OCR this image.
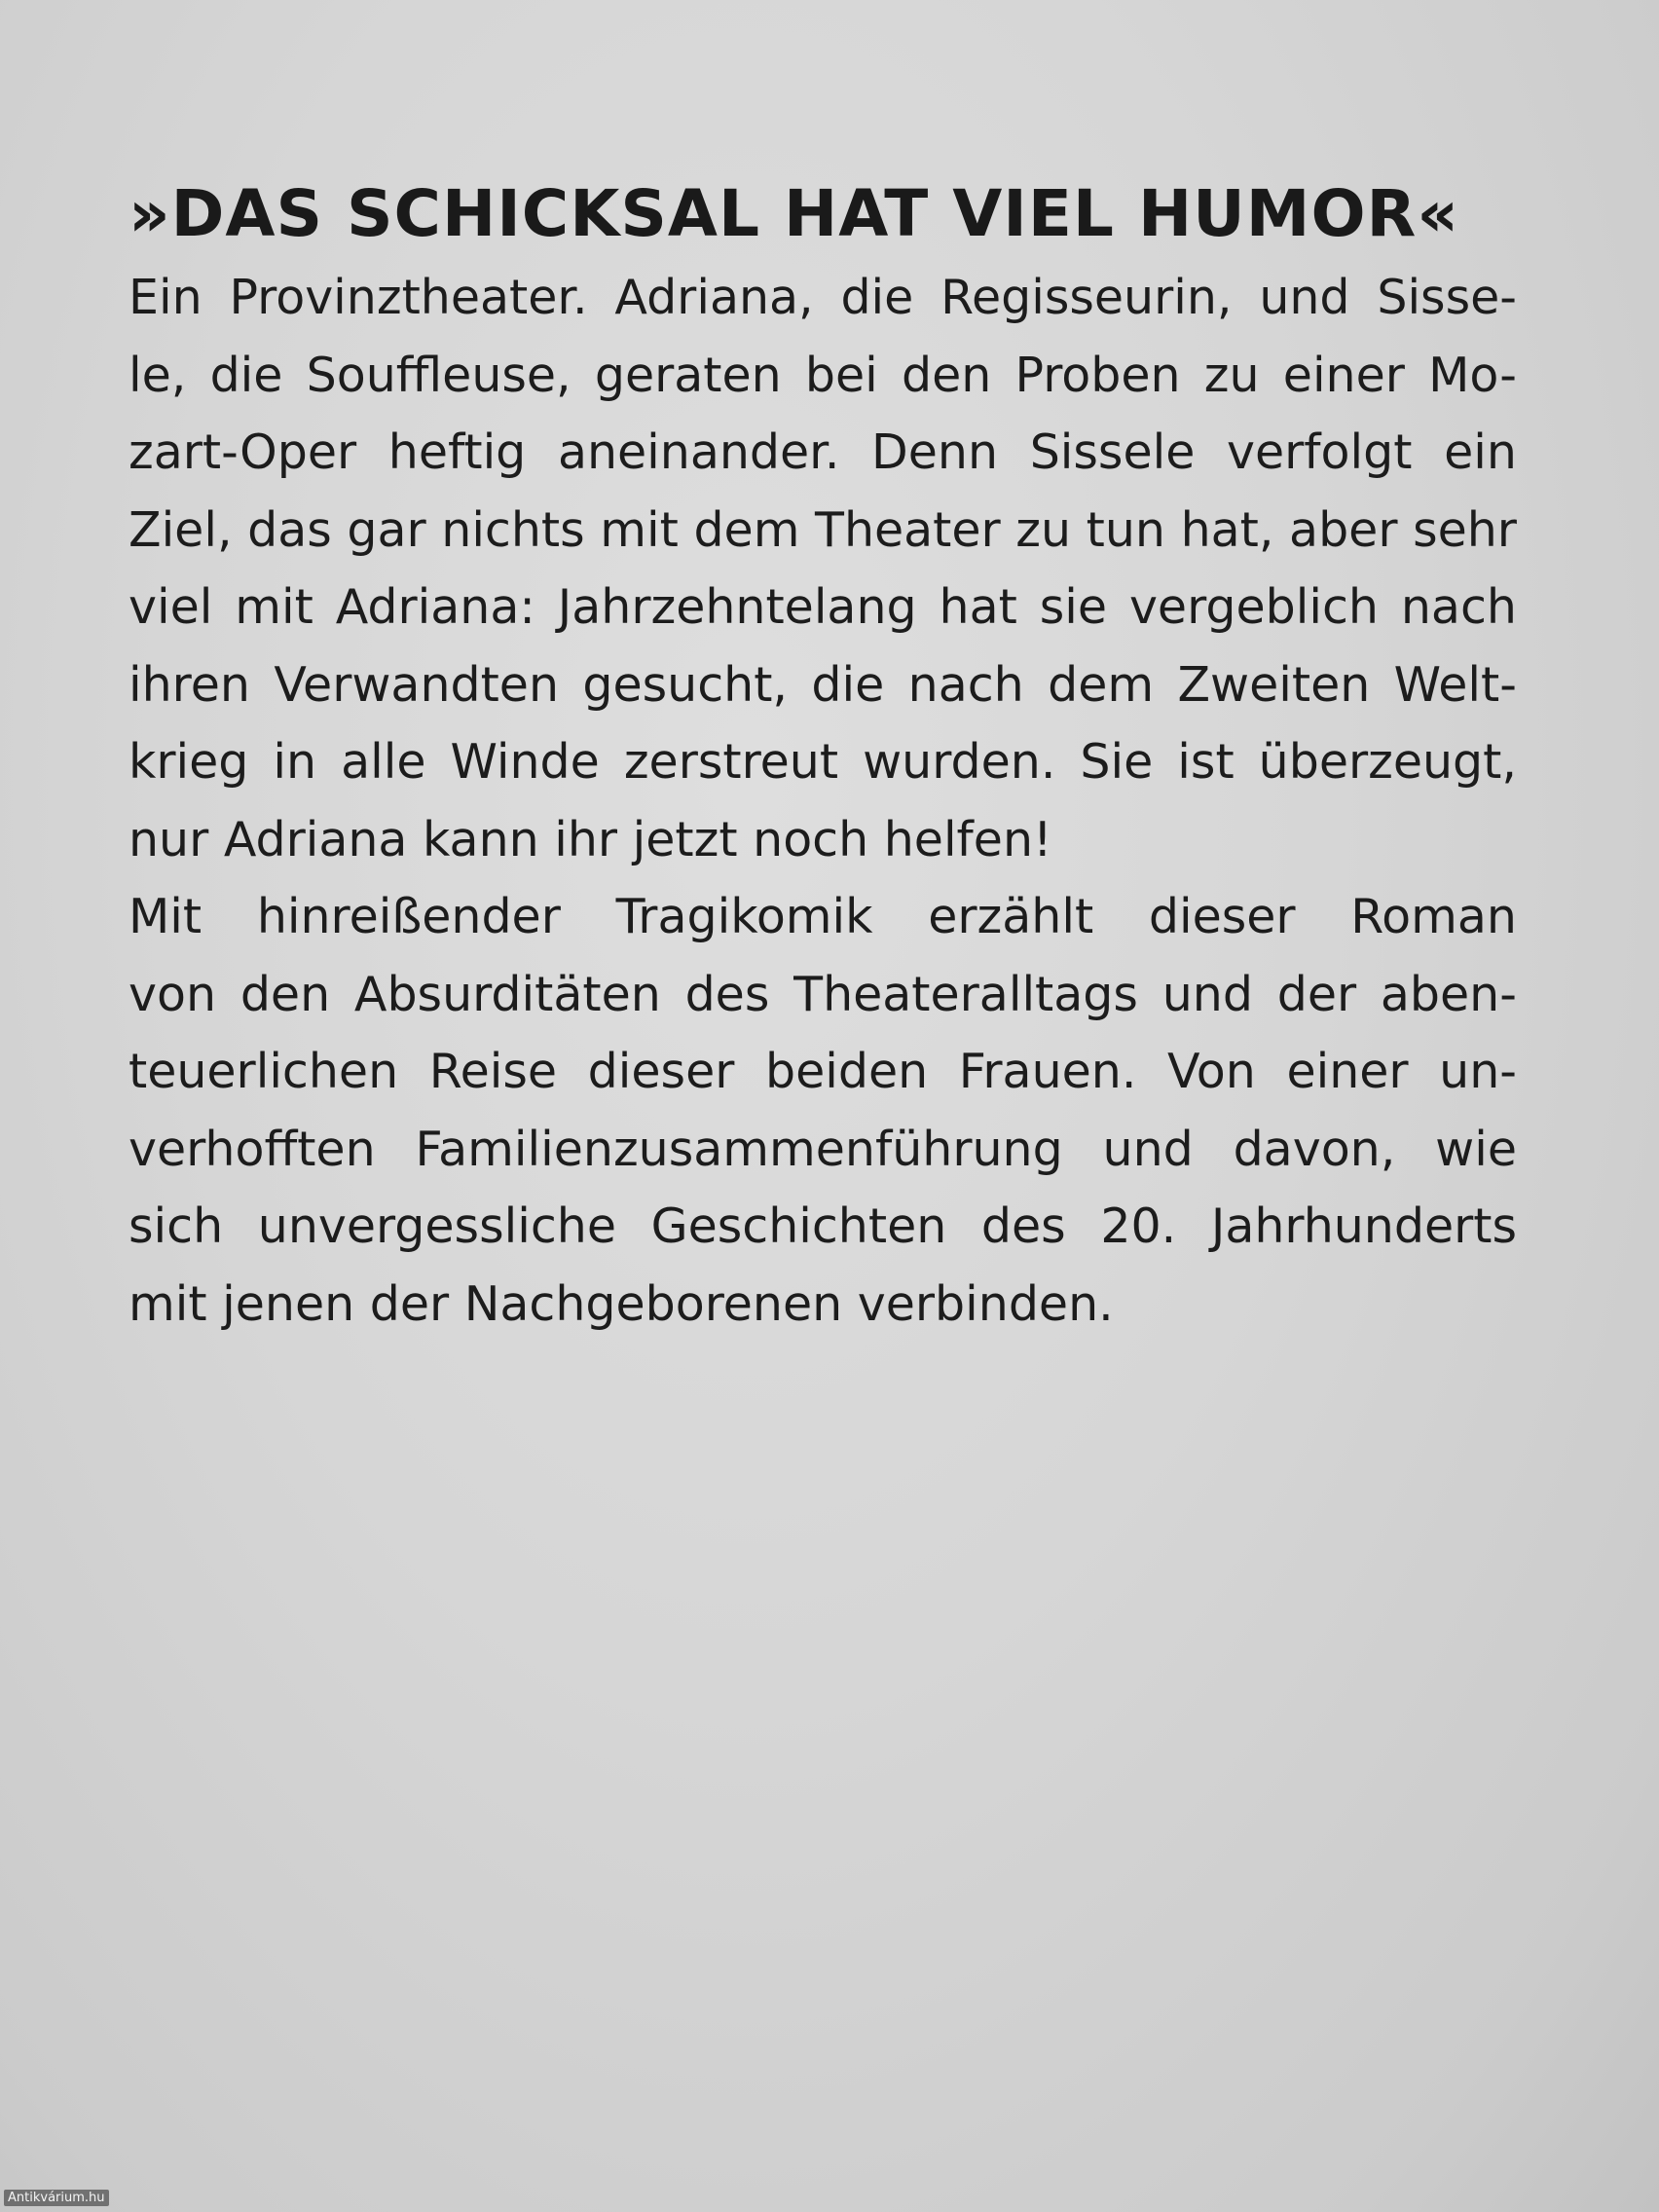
»DAS SCHICKSAL HAT VIEL HUMOR«
Ein Provinztheater. Adriana, die Regisseurin, und Sisse-
le, die Souffleuse, geraten bei den Proben zu einer Mo-
zart-Oper heftig aneinander. Denn Sissele verfolgt ein
Ziel, das gar nichts mit dem Theater zu tun hat, aber sehr
viel mit Adriana: Jahrzehntelang hat sie vergeblich nach
ihren Verwandten gesucht, die nach dem Zweiten Welt-
krieg in alle Winde zerstreut wurden. Sie ist überzeugt,
nur Adriana kann ihr jetzt noch helfen!
Mit hinreißender Tragikomik erzählt dieser Roman
von den Absurditäten des Theateralltags und der aben-
teuerlichen Reise dieser beiden Frauen. Von einer un-
verhofften Familienzusammenführung und davon, wie
sich unvergessliche Geschichten des 20. Jahrhunderts
mit jenen der Nachgeborenen verbinden.
Antikvárium.hu
